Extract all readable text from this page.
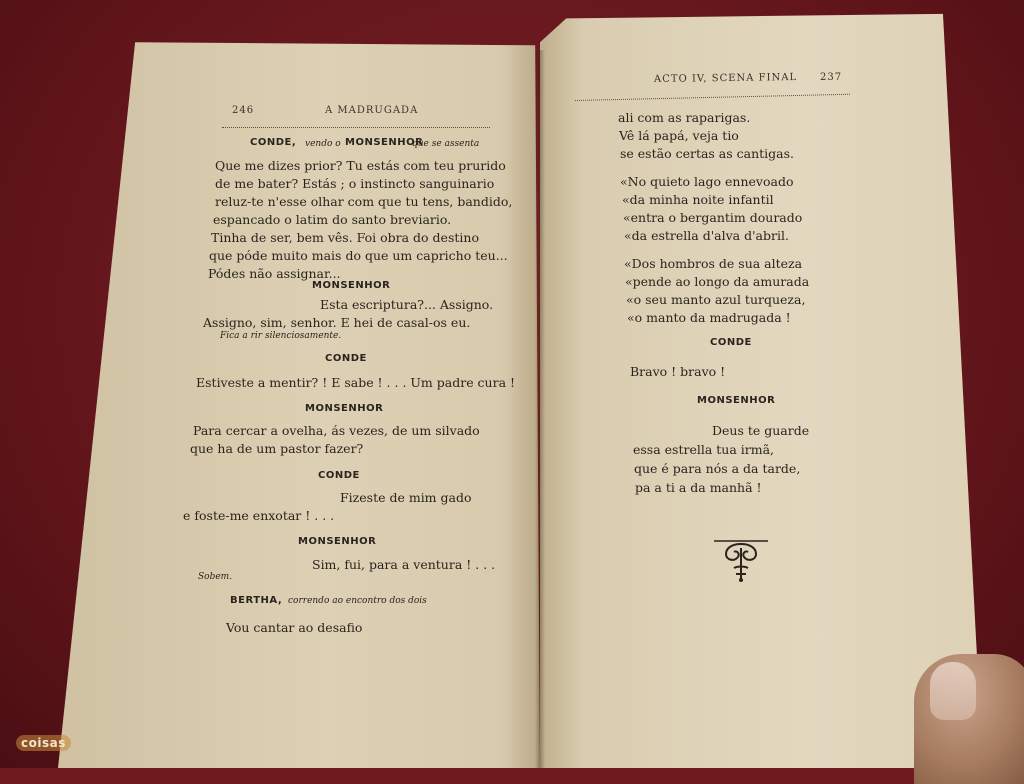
246	A MADRUGADA
ACTO IV, SCENA FINAL 237
CONDE, vendo o MONSENHOR
que se assenta
Que me dizes prior? Tu estás com teu prurido
de me bater? Estás ; o instincto sanguinario
reluz-te n'esse olhar com que tu tens, bandido,
espancado o latim do santo breviario.
Tinha de ser, bem vês. Foi obra do destino
que póde muito mais do que um capricho teu...
Pódes não assignar...
MONSENHOR
Esta escriptura?... Assigno.
Assigno, sim, senhor. E hei de casal-os eu.
Fica a rir silenciosamente.
CONDE
Estiveste a mentir? ! E sabe ! . . . Um padre cura !
MONSENHOR
Para cercar a ovelha, ás vezes, de um silvado
que ha de um pastor fazer?
CONDE
Fizeste de mim gado
e foste-me enxotar ! . . .
MONSENHOR
Sim, fui, para a ventura ! . . .
Sobem.
BERTHA, correndo ao encontro dos dois
Vou cantar ao desafio
ali com as raparigas.
Vê lá papá, veja tio
se estão certas as cantigas.
«No quieto lago ennevoado
«da minha noite infantil
«entra o bergantim dourado
«da estrella d'alva d'abril.
«Dos hombros de sua alteza
«pende ao longo da amurada
«o seu manto azul turqueza,
«o manto da madrugada !
CONDE
Bravo ! bravo !
MONSENHOR
Deus te guarde
essa estrella tua irmã,
que é para nós a da tarde,
pa a ti a da manhã !
coisas
